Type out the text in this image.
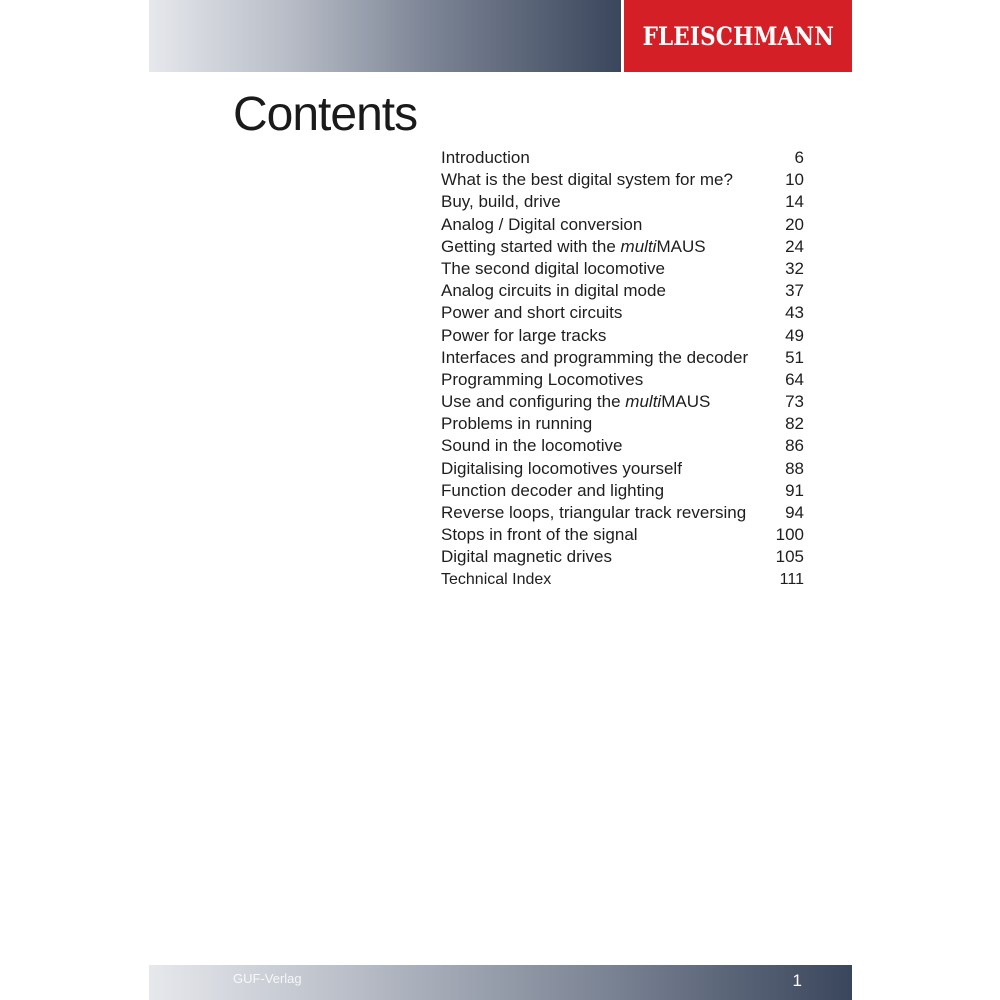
FLEISCHMANN
Contents
Introduction	6
What is the best digital system for me?	10
Buy, build, drive	14
Analog / Digital conversion	20
Getting started with the multiMAUS	24
The second digital locomotive	32
Analog circuits in digital mode	37
Power and short circuits	43
Power for large tracks	49
Interfaces and programming the decoder	51
Programming Locomotives	64
Use and configuring the multiMAUS	73
Problems in running	82
Sound in the locomotive	86
Digitalising locomotives yourself	88
Function decoder and lighting	91
Reverse loops, triangular track reversing	94
Stops in front of the signal	100
Digital magnetic drives	105
Technical Index	111
GUF-Verlag	1
